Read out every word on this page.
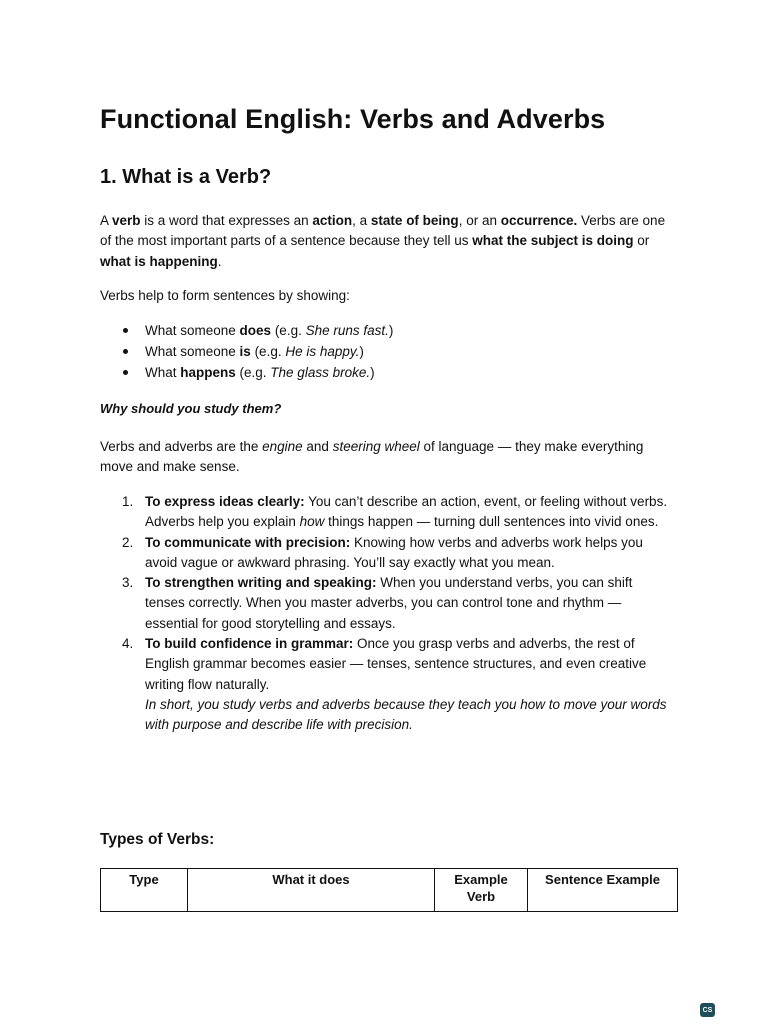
Functional English: Verbs and Adverbs
1. What is a Verb?

A verb is a word that expresses an action, a state of being, or an occurrence. Verbs are one of the most important parts of a sentence because they tell us what the subject is doing or what is happening.

Verbs help to form sentences by showing:

What someone does (e.g. She runs fast.)
What someone is (e.g. He is happy.)
What happens (e.g. The glass broke.)
Why should you study them?

Verbs and adverbs are the engine and steering wheel of language — they make everything move and make sense.

1. To express ideas clearly: You can’t describe an action, event, or feeling without verbs. Adverbs help you explain how things happen — turning dull sentences into vivid ones.
2. To communicate with precision: Knowing how verbs and adverbs work helps you avoid vague or awkward phrasing. You’ll say exactly what you mean.
3. To strengthen writing and speaking: When you understand verbs, you can shift tenses correctly. When you master adverbs, you can control tone and rhythm — essential for good storytelling and essays.
4. To build confidence in grammar: Once you grasp verbs and adverbs, the rest of English grammar becomes easier — tenses, sentence structures, and even creative writing flow naturally.
In short, you study verbs and adverbs because they teach you how to move your words with purpose and describe life with precision.
Types of Verbs:
Type	What it does	Example Verb	Sentence Example
CS
